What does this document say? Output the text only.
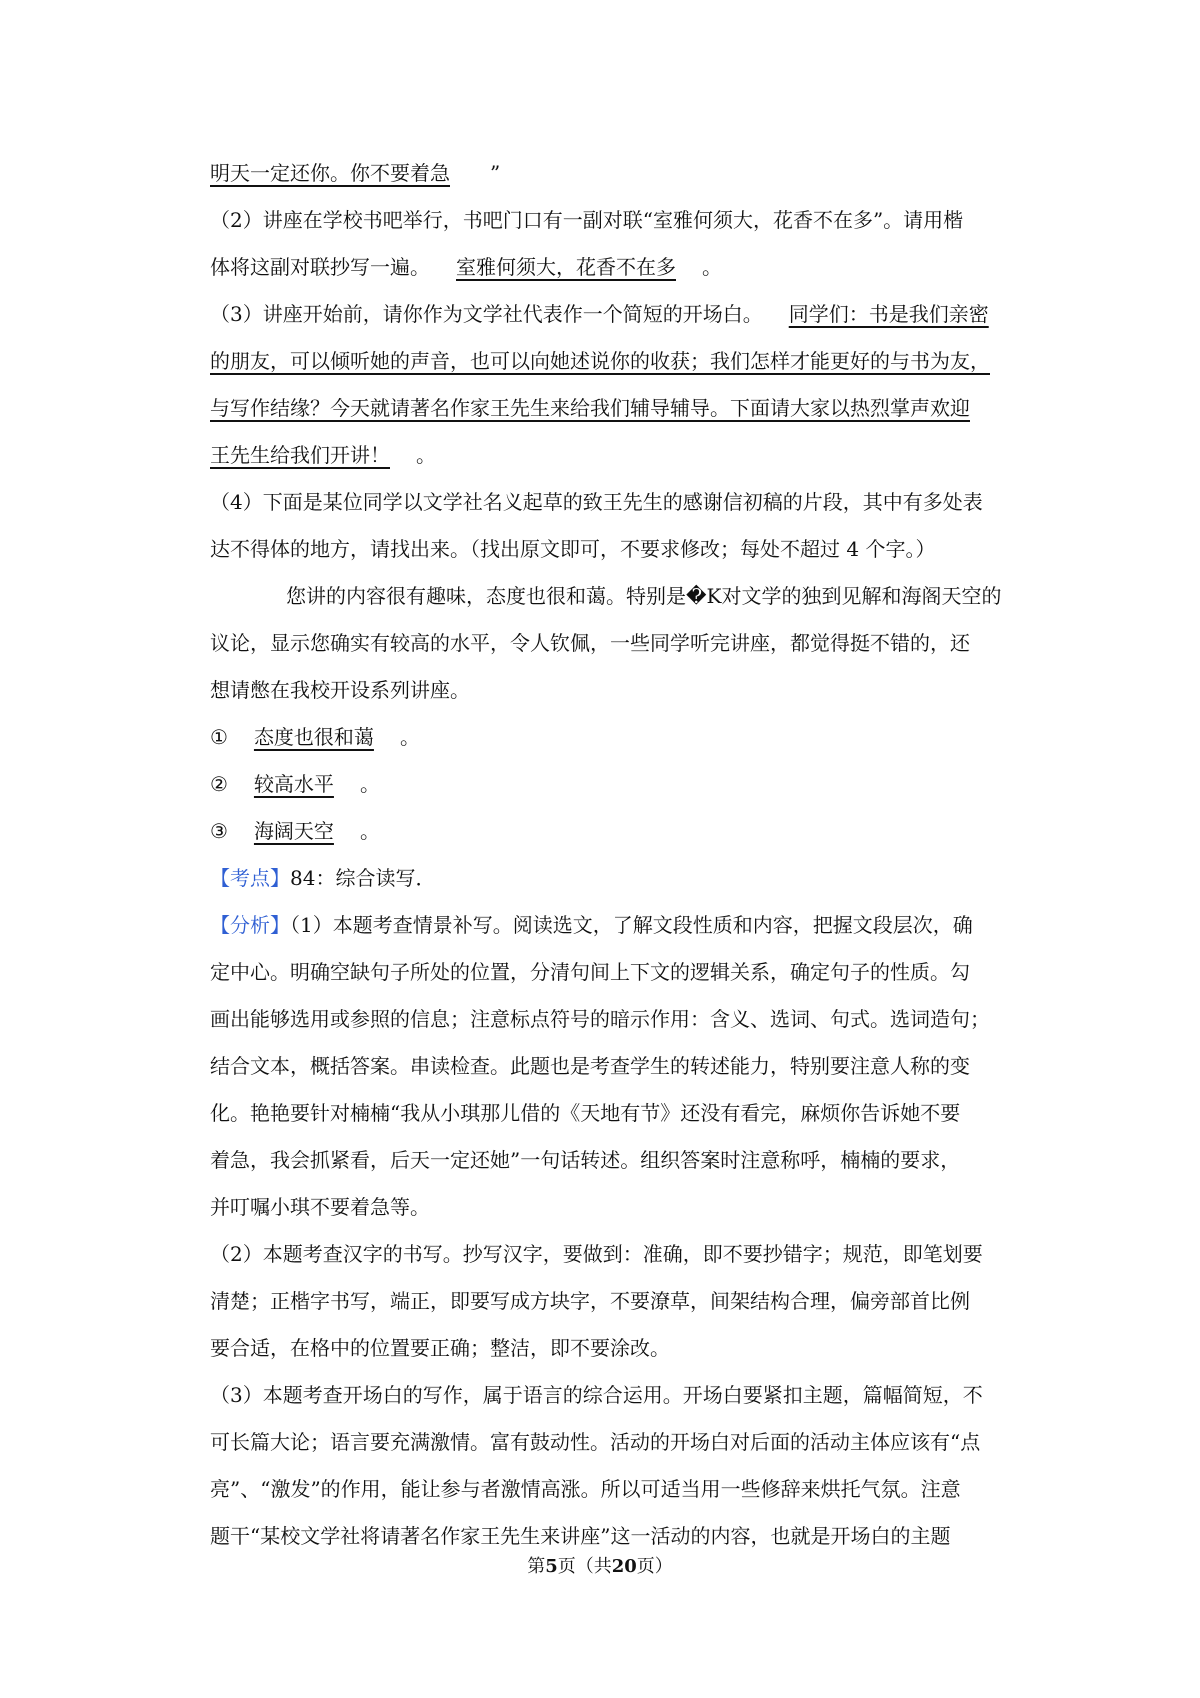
明天一定还你。你不要着急 ”
（2）讲座在学校书吧举行，书吧门口有一副对联“室雅何须大，花香不在多”。请用楷
体将这副对联抄写一遍。 室雅何须大，花香不在多 。
（3）讲座开始前，请你作为文学社代表作一个简短的开场白。 同学们：书是我们亲密
的朋友，可以倾听她的声音，也可以向她述说你的收获；我们怎样才能更好的与书为友，
与写作结缘？今天就请著名作家王先生来给我们辅导辅导。下面请大家以热烈掌声欢迎
王先生给我们开讲！ 。
（4）下面是某位同学以文学社名义起草的致王先生的感谢信初稿的片段，其中有多处表
达不得体的地方，请找出来。（找出原文即可，不要求修改；每处不超过 4 个字。）
您讲的内容很有趣味，态度也很和蔼。特别是�K对文学的独到见解和海阁天空的
议论，显示您确实有较高的水平，令人钦佩，一些同学听完讲座，都觉得挺不错的，还
想请憋在我校开设系列讲座。
① 态度也很和蔼 。
② 较高水平 。
③ 海阔天空 。
【考点】84：综合读写．
【分析】（1）本题考查情景补写。阅读选文，了解文段性质和内容，把握文段层次，确
定中心。明确空缺句子所处的位置，分清句间上下文的逻辑关系，确定句子的性质。勾
画出能够选用或参照的信息；注意标点符号的暗示作用：含义、选词、句式。选词造句；
结合文本，概括答案。串读检查。此题也是考查学生的转述能力，特别要注意人称的变
化。艳艳要针对楠楠“我从小琪那儿借的《天地有节》还没有看完，麻烦你告诉她不要
着急，我会抓紧看，后天一定还她”一句话转述。组织答案时注意称呼，楠楠的要求，
并叮嘱小琪不要着急等。
（2）本题考查汉字的书写。抄写汉字，要做到：准确，即不要抄错字；规范，即笔划要
清楚；正楷字书写，端正，即要写成方块字，不要潦草，间架结构合理，偏旁部首比例
要合适，在格中的位置要正确；整洁，即不要涂改。
（3）本题考查开场白的写作，属于语言的综合运用。开场白要紧扣主题，篇幅简短，不
可长篇大论；语言要充满激情。富有鼓动性。活动的开场白对后面的活动主体应该有“点
亮”、“激发”的作用，能让参与者激情高涨。所以可适当用一些修辞来烘托气氛。注意
题干“某校文学社将请著名作家王先生来讲座”这一活动的内容，也就是开场白的主题
第5页（共20页）
